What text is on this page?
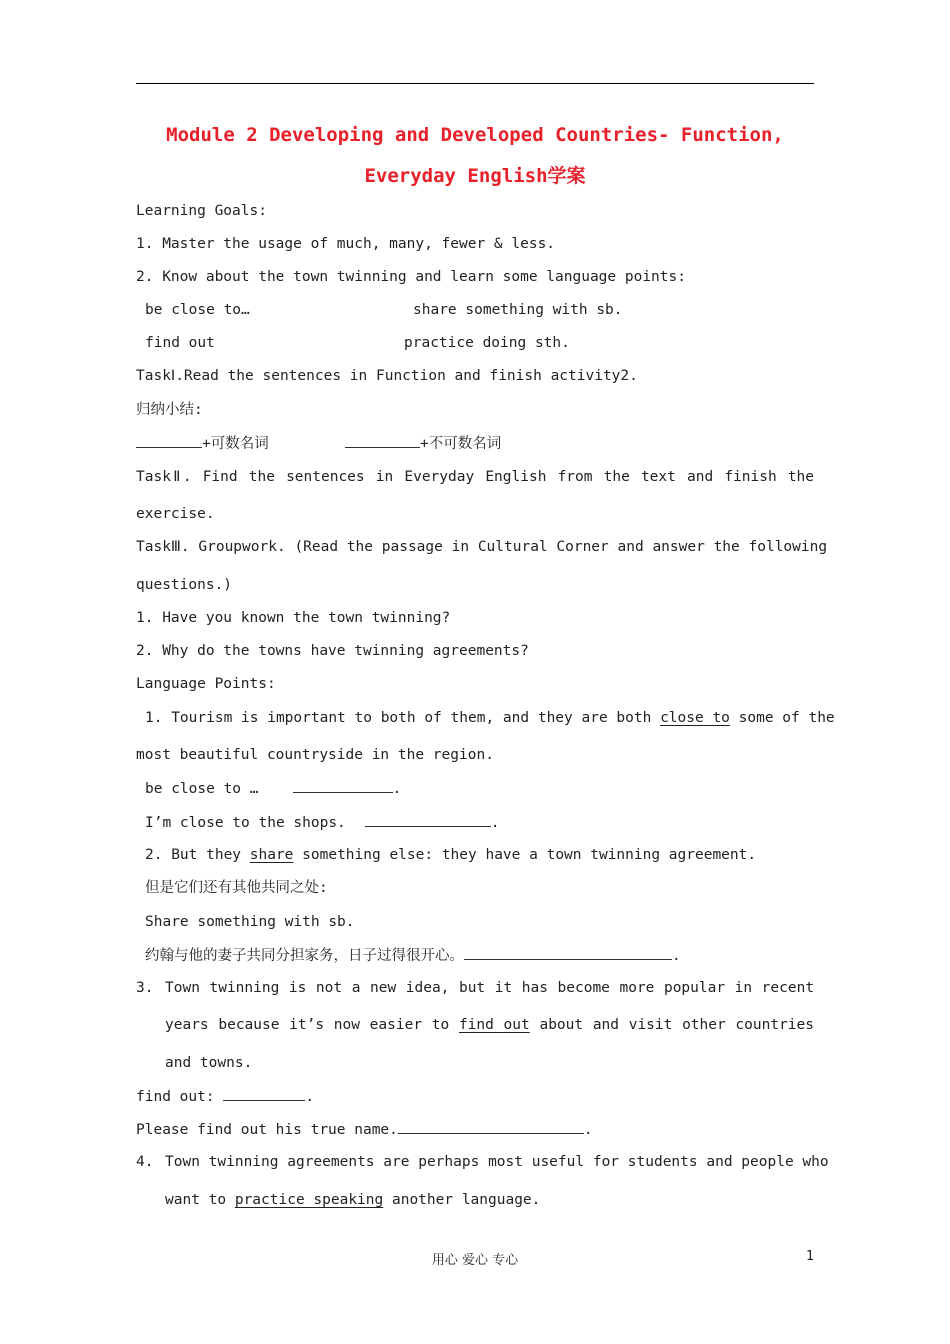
Module 2 Developing and Developed Countries- Function,
Everyday English学案
Learning Goals:
1. Master the usage of much, many, fewer & less.
2. Know about the town twinning and learn some language points:
be close to…	share something with sb.
find out	practice doing sth.
TaskⅠ.Read the sentences in Function and finish activity2.
归纳小结:
+可数名词	+不可数名词
TaskⅡ. Find the sentences in Everyday English from the text and finish the
exercise.
TaskⅢ. Groupwork. (Read the passage in Cultural Corner and answer the following
questions.)
1. Have you known the town twinning?
2. Why do the towns have twinning agreements?
Language Points:
1. Tourism is important to both of them, and they are both close to some of the
most beautiful countryside in the region.
be close to …	.
I’m close to the shops.	.
2. But they share something else: they have a town twinning agreement.
但是它们还有其他共同之处:
Share something with sb.
约翰与他的妻子共同分担家务，日子过得很开心。	.
3. Town twinning is not a new idea, but it has become more popular in recent
years because it’s now easier to find out about and visit other countries
and towns.
find out:	.
Please find out his true name.	.
4. Town twinning agreements are perhaps most useful for students and people who
want to practice speaking another language.
用心 爱心 专心	1
